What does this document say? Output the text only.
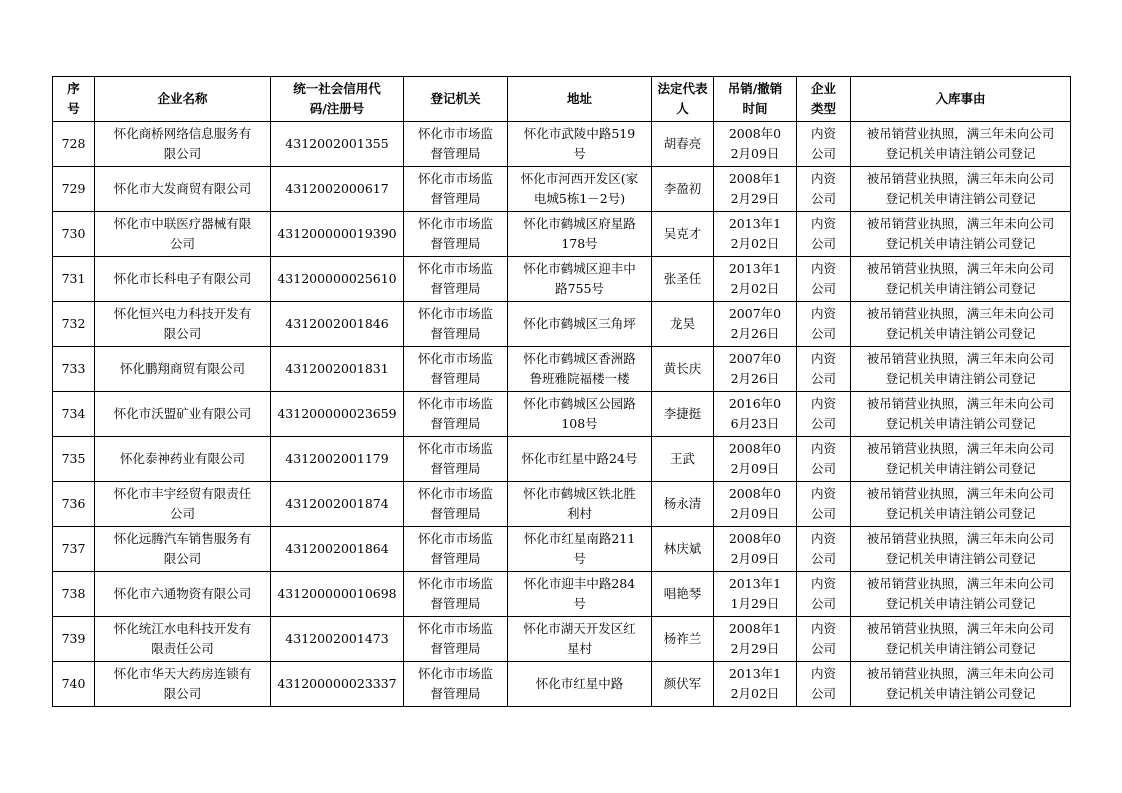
序号	企业名称	统一社会信用代码/注册号	登记机关	地址	法定代表人	吊销/撤销时间	企业类型	入库事由

728	怀化商桥网络信息服务有限公司	4312002001355	怀化市市场监督管理局	怀化市武陵中路519号	胡春亮	2008年02月09日	内资公司	被吊销营业执照，满三年未向公司登记机关申请注销公司登记

729	怀化市大发商贸有限公司	4312002000617	怀化市市场监督管理局	怀化市河西开发区(家电城5栋1－2号)	李盈初	2008年12月29日	内资公司	被吊销营业执照，满三年未向公司登记机关申请注销公司登记

730	怀化市中联医疗器械有限公司	431200000019390	怀化市市场监督管理局	怀化市鹤城区府星路178号	吴克才	2013年12月02日	内资公司	被吊销营业执照，满三年未向公司登记机关申请注销公司登记

731	怀化市长科电子有限公司	431200000025610	怀化市市场监督管理局	怀化市鹤城区迎丰中路755号	张圣任	2013年12月02日	内资公司	被吊销营业执照，满三年未向公司登记机关申请注销公司登记

732	怀化恒兴电力科技开发有限公司	4312002001846	怀化市市场监督管理局	怀化市鹤城区三角坪	龙昊	2007年02月26日	内资公司	被吊销营业执照，满三年未向公司登记机关申请注销公司登记

733	怀化鹏翔商贸有限公司	4312002001831	怀化市市场监督管理局	怀化市鹤城区香洲路鲁班雅院福楼一楼	黄长庆	2007年02月26日	内资公司	被吊销营业执照，满三年未向公司登记机关申请注销公司登记

734	怀化市沃盟矿业有限公司	431200000023659	怀化市市场监督管理局	怀化市鹤城区公园路108号	李捷挺	2016年06月23日	内资公司	被吊销营业执照，满三年未向公司登记机关申请注销公司登记

735	怀化泰神药业有限公司	4312002001179	怀化市市场监督管理局	怀化市红星中路24号	王武	2008年02月09日	内资公司	被吊销营业执照，满三年未向公司登记机关申请注销公司登记

736	怀化市丰宇经贸有限责任公司	4312002001874	怀化市市场监督管理局	怀化市鹤城区铁北胜利村	杨永清	2008年02月09日	内资公司	被吊销营业执照，满三年未向公司登记机关申请注销公司登记

737	怀化远腾汽车销售服务有限公司	4312002001864	怀化市市场监督管理局	怀化市红星南路211号	林庆斌	2008年02月09日	内资公司	被吊销营业执照，满三年未向公司登记机关申请注销公司登记

738	怀化市六通物资有限公司	431200000010698	怀化市市场监督管理局	怀化市迎丰中路284号	唱艳琴	2013年11月29日	内资公司	被吊销营业执照，满三年未向公司登记机关申请注销公司登记

739	怀化统江水电科技开发有限责任公司	4312002001473	怀化市市场监督管理局	怀化市湖天开发区红星村	杨祚兰	2008年12月29日	内资公司	被吊销营业执照，满三年未向公司登记机关申请注销公司登记

740	怀化市华天大药房连锁有限公司	431200000023337	怀化市市场监督管理局	怀化市红星中路	颜伏军	2013年12月02日	内资公司	被吊销营业执照，满三年未向公司登记机关申请注销公司登记
